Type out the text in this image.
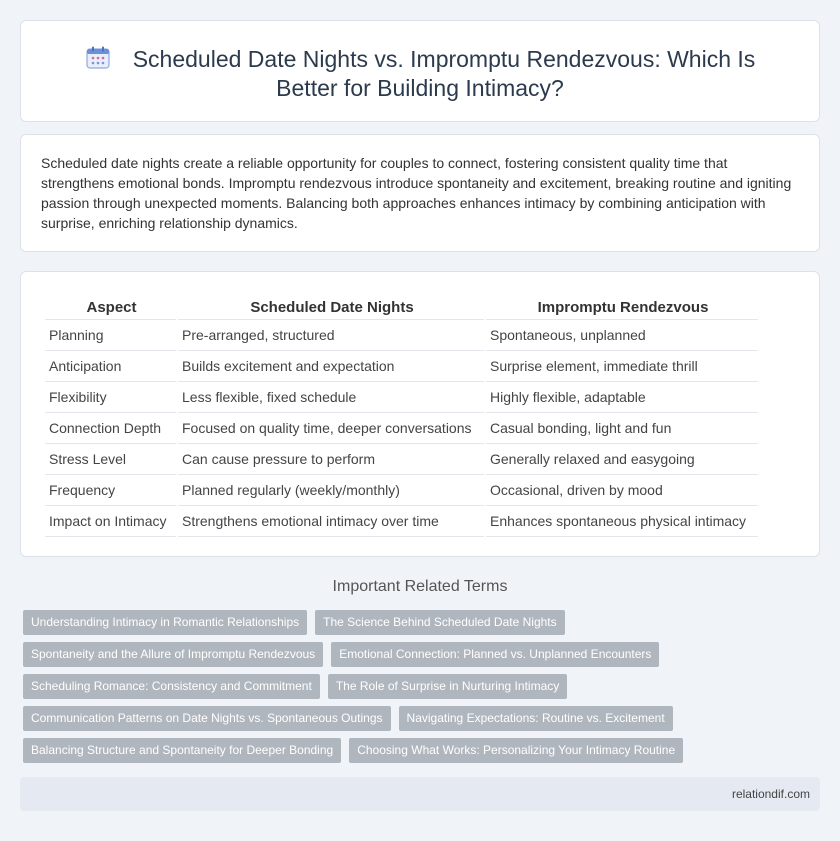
Scheduled Date Nights vs. Impromptu Rendezvous: Which Is Better for Building Intimacy?

Scheduled date nights create a reliable opportunity for couples to connect, fostering consistent quality time that strengthens emotional bonds. Impromptu rendezvous introduce spontaneity and excitement, breaking routine and igniting passion through unexpected moments. Balancing both approaches enhances intimacy by combining anticipation with surprise, enriching relationship dynamics.

Aspect	Scheduled Date Nights	Impromptu Rendezvous
Planning	Pre-arranged, structured	Spontaneous, unplanned
Anticipation	Builds excitement and expectation	Surprise element, immediate thrill
Flexibility	Less flexible, fixed schedule	Highly flexible, adaptable
Connection Depth	Focused on quality time, deeper conversations	Casual bonding, light and fun
Stress Level	Can cause pressure to perform	Generally relaxed and easygoing
Frequency	Planned regularly (weekly/monthly)	Occasional, driven by mood
Impact on Intimacy	Strengthens emotional intimacy over time	Enhances spontaneous physical intimacy
Important Related Terms
Understanding Intimacy in Romantic Relationships	The Science Behind Scheduled Date Nights
Spontaneity and the Allure of Impromptu Rendezvous	Emotional Connection: Planned vs. Unplanned Encounters
Scheduling Romance: Consistency and Commitment	The Role of Surprise in Nurturing Intimacy
Communication Patterns on Date Nights vs. Spontaneous Outings	Navigating Expectations: Routine vs. Excitement
Balancing Structure and Spontaneity for Deeper Bonding	Choosing What Works: Personalizing Your Intimacy Routine
relationdif.com
